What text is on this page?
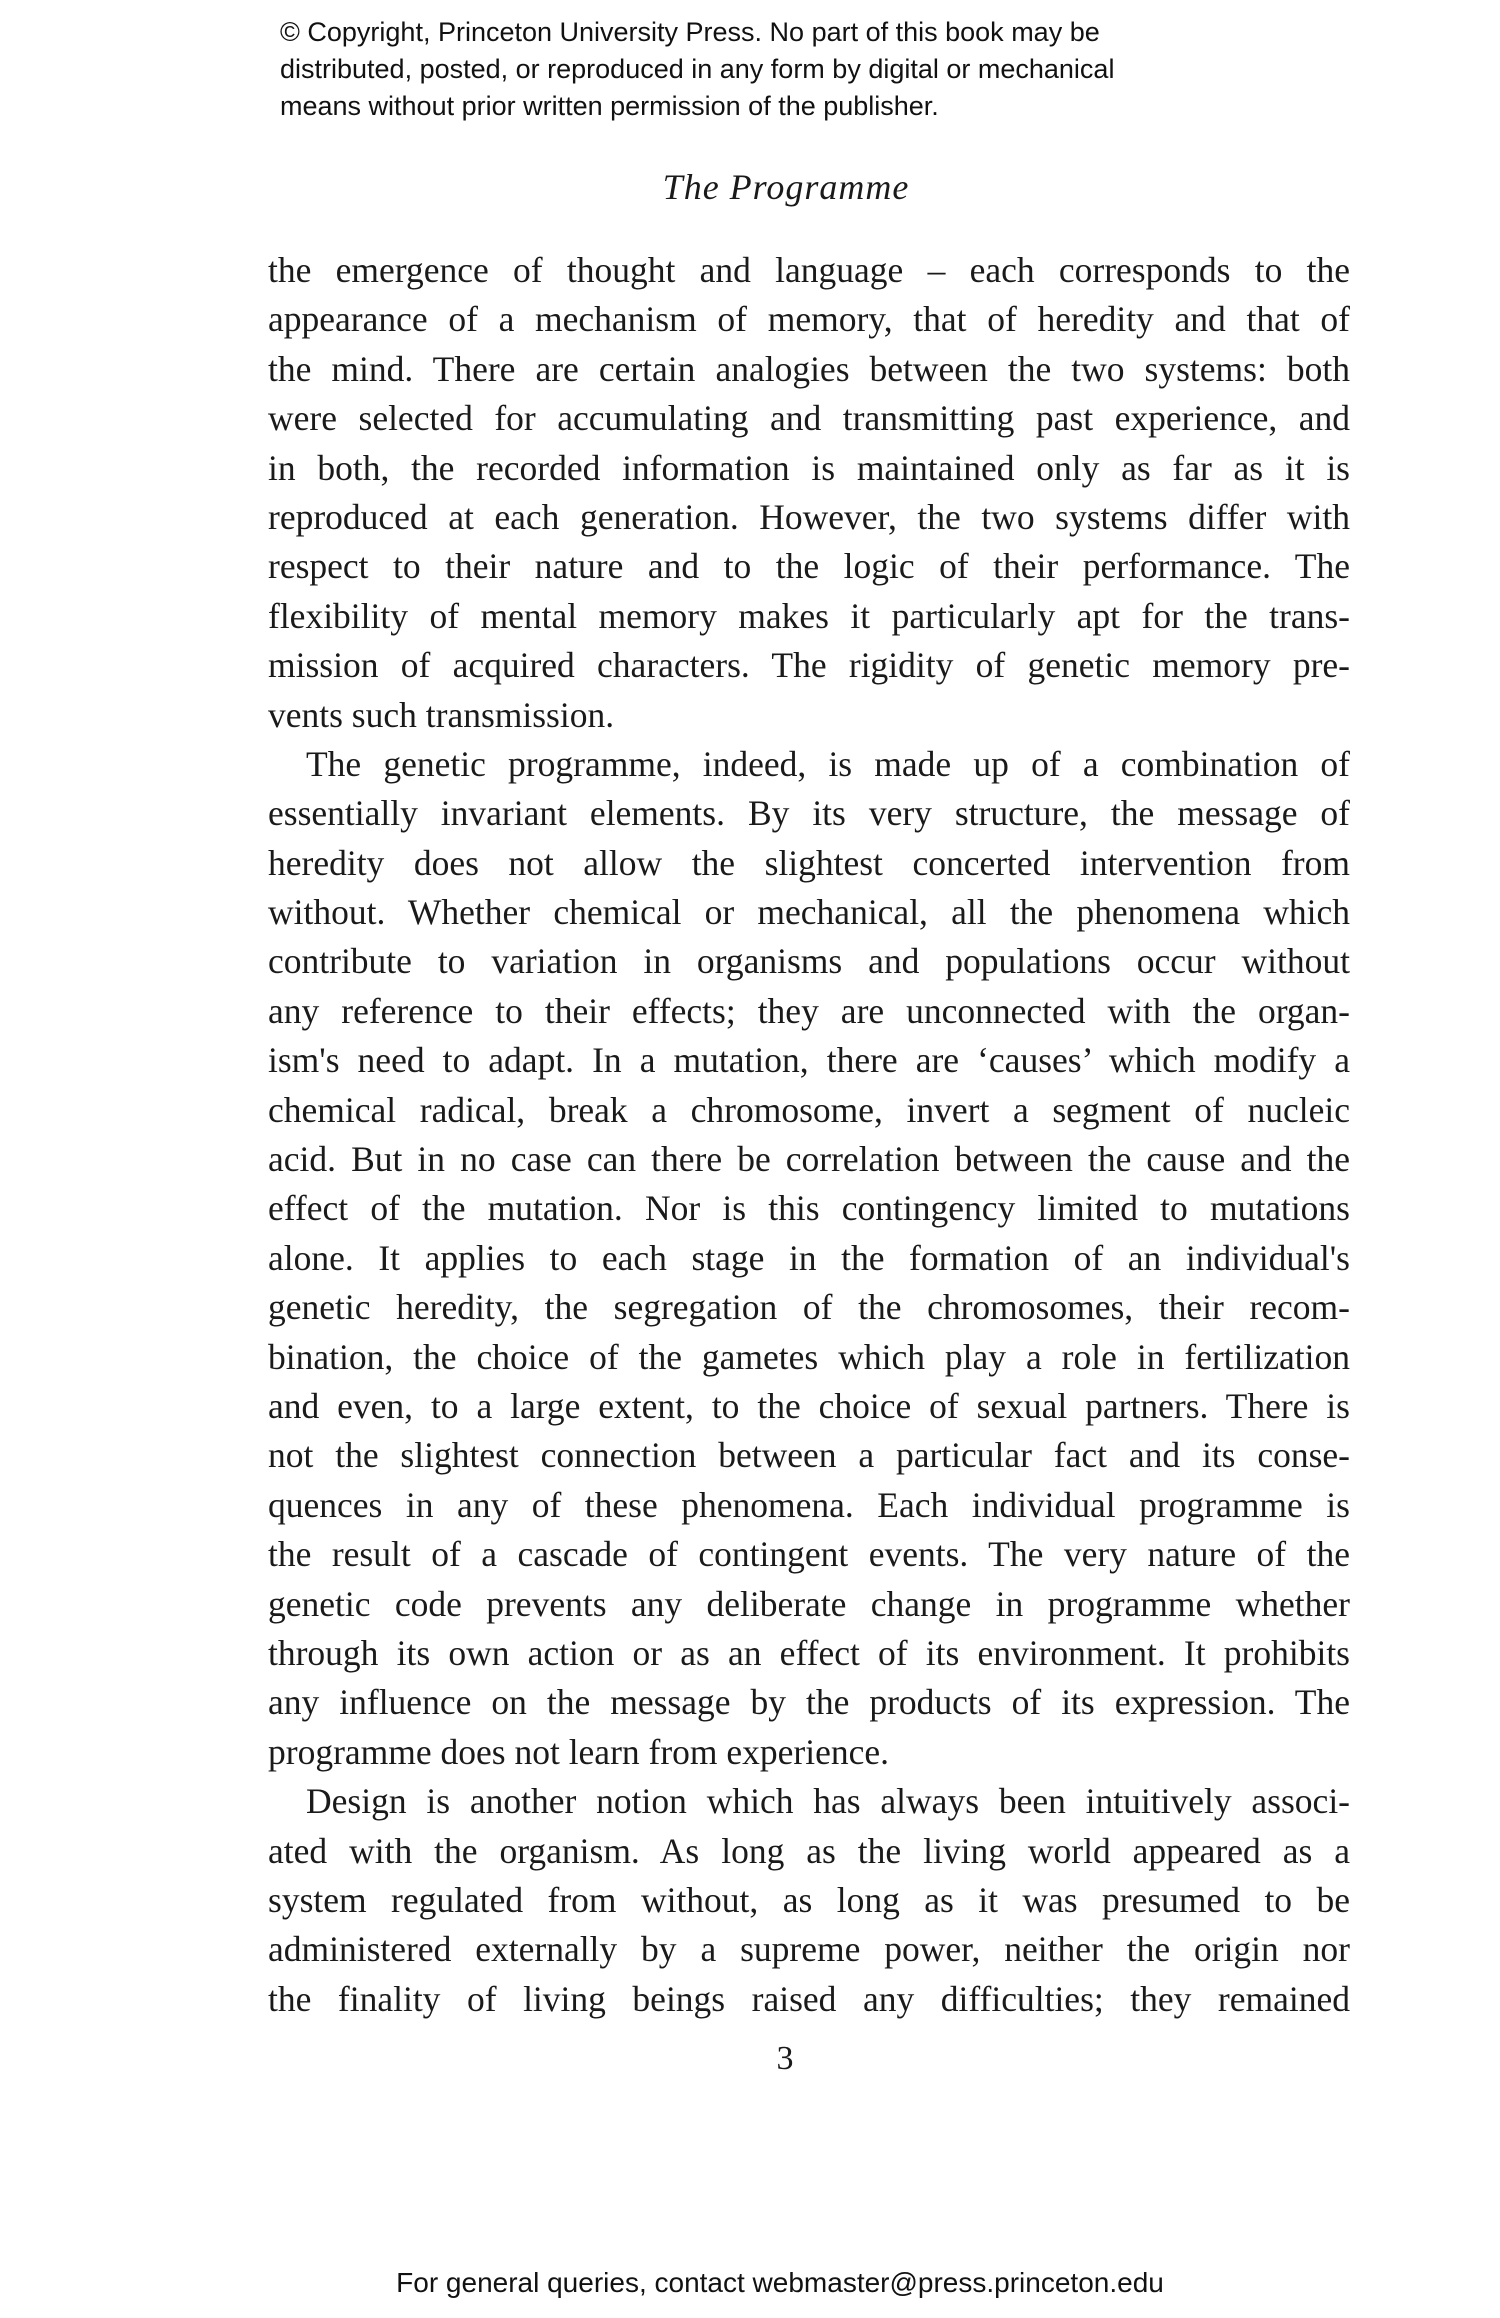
© Copyright, Princeton University Press. No part of this book may be
distributed, posted, or reproduced in any form by digital or mechanical
means without prior written permission of the publisher.
The Programme
the emergence of thought and language – each corresponds to the
appearance of a mechanism of memory, that of heredity and that of
the mind. There are certain analogies between the two systems: both
were selected for accumulating and transmitting past experience, and
in both, the recorded information is maintained only as far as it is
reproduced at each generation. However, the two systems differ with
respect to their nature and to the logic of their performance. The
flexibility of mental memory makes it particularly apt for the trans-
mission of acquired characters. The rigidity of genetic memory pre-
vents such transmission.
The genetic programme, indeed, is made up of a combination of
essentially invariant elements. By its very structure, the message of
heredity does not allow the slightest concerted intervention from
without. Whether chemical or mechanical, all the phenomena which
contribute to variation in organisms and populations occur without
any reference to their effects; they are unconnected with the organ-
ism's need to adapt. In a mutation, there are ‘causes’ which modify a
chemical radical, break a chromosome, invert a segment of nucleic
acid. But in no case can there be correlation between the cause and the
effect of the mutation. Nor is this contingency limited to mutations
alone. It applies to each stage in the formation of an individual's
genetic heredity, the segregation of the chromosomes, their recom-
bination, the choice of the gametes which play a role in fertilization
and even, to a large extent, to the choice of sexual partners. There is
not the slightest connection between a particular fact and its conse-
quences in any of these phenomena. Each individual programme is
the result of a cascade of contingent events. The very nature of the
genetic code prevents any deliberate change in programme whether
through its own action or as an effect of its environment. It prohibits
any influence on the message by the products of its expression. The
programme does not learn from experience.
Design is another notion which has always been intuitively associ-
ated with the organism. As long as the living world appeared as a
system regulated from without, as long as it was presumed to be
administered externally by a supreme power, neither the origin nor
the finality of living beings raised any difficulties; they remained
3
For general queries, contact webmaster@press.princeton.edu
